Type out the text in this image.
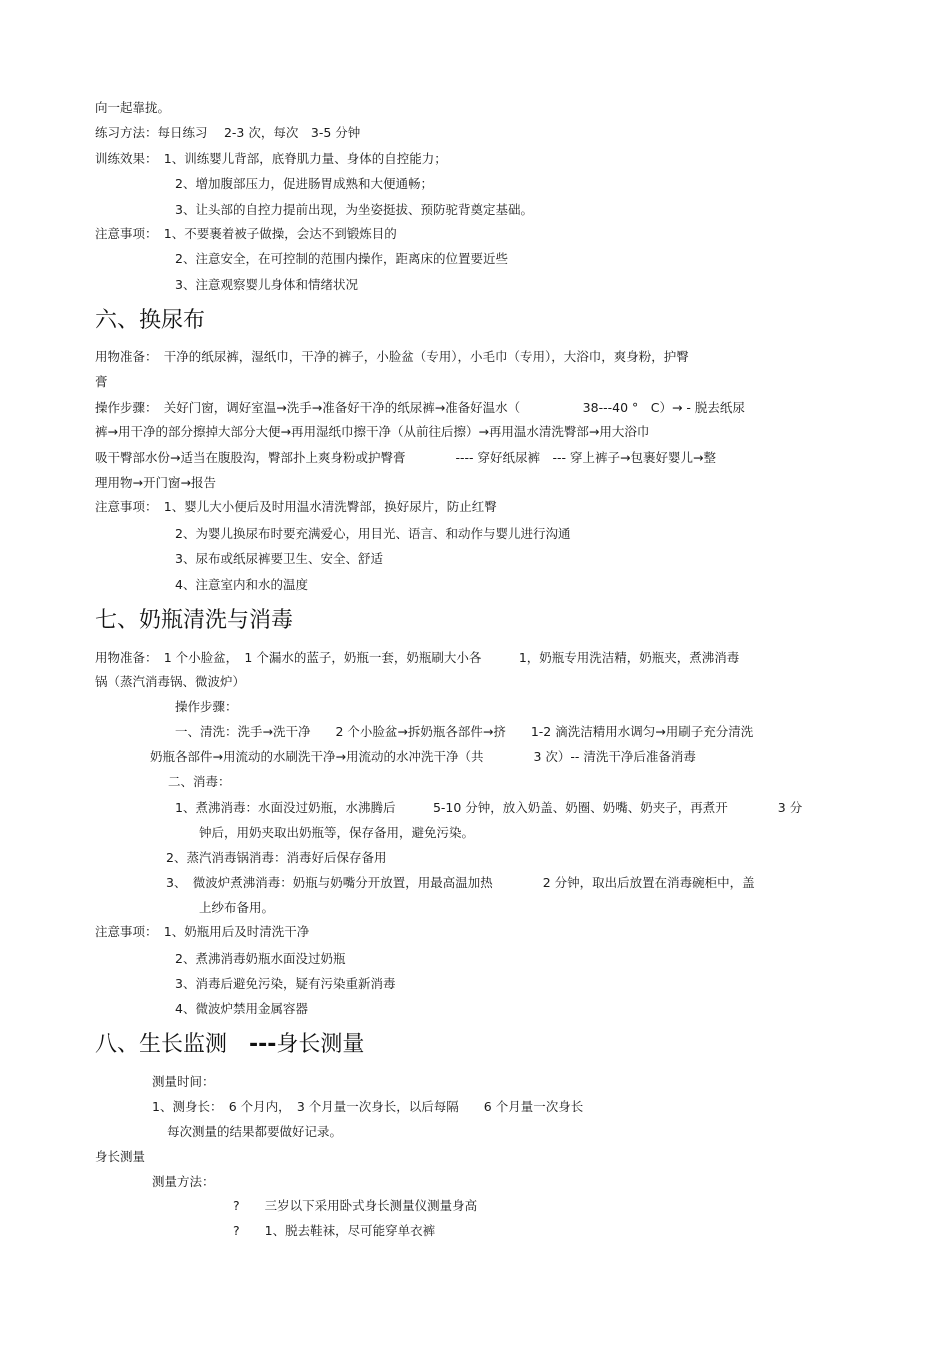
向一起靠拢。
练习方法：每日练习　 2-3 次，每次　3-5 分钟
训练效果：　1、训练婴儿背部，底脊肌力量、身体的自控能力；
2、增加腹部压力，促进肠胃成熟和大便通畅；
3、让头部的自控力提前出现，为坐姿挺拔、预防驼背奠定基础。
注意事项：　1、不要裹着被子做操，会达不到锻炼目的
2、注意安全，在可控制的范围内操作，距离床的位置要近些
3、注意观察婴儿身体和情绪状况
六、换尿布
用物准备：　干净的纸尿裤，湿纸巾，干净的裤子，小脸盆（专用），小毛巾（专用），大浴巾，爽身粉，护臀
膏
操作步骤：　关好门窗，调好室温→洗手→准备好干净的纸尿裤→准备好温水（　　　　　38---40 °　C）→ - 脱去纸尿
裤→用干净的部分擦掉大部分大便→再用湿纸巾擦干净（从前往后擦）→再用温水清洗臀部→用大浴巾
吸干臀部水份→适当在腹股沟，臀部扑上爽身粉或护臀膏　　　　---- 穿好纸尿裤　--- 穿上裤子→包裹好婴儿→整
理用物→开门窗→报告
注意事项：　1、婴儿大小便后及时用温水清洗臀部，换好尿片，防止红臀
2、为婴儿换尿布时要充满爱心，用目光、语言、和动作与婴儿进行沟通
3、尿布或纸尿裤要卫生、安全、舒适
4、注意室内和水的温度
七、奶瓶清洗与消毒
用物准备：　1 个小脸盆，　1 个漏水的蓝子，奶瓶一套，奶瓶刷大小各　　　1，奶瓶专用洗洁精，奶瓶夹，煮沸消毒
锅（蒸汽消毒锅、微波炉）
操作步骤：
一、清洗：洗手→洗干净　　2 个小脸盆→拆奶瓶各部件→挤　　1-2 滴洗洁精用水调匀→用刷子充分清洗
奶瓶各部件→用流动的水刷洗干净→用流动的水冲洗干净（共　　　　3 次）-- 清洗干净后准备消毒
二、消毒：
1、煮沸消毒：水面没过奶瓶，水沸腾后　　　5-10 分钟，放入奶盖、奶圈、奶嘴、奶夹子，再煮开　　　　3 分
钟后，用奶夹取出奶瓶等，保存备用，避免污染。
2、蒸汽消毒锅消毒：消毒好后保存备用
3、　微波炉煮沸消毒：奶瓶与奶嘴分开放置，用最高温加热　　　　2 分钟，取出后放置在消毒碗柜中，盖
上纱布备用。
注意事项：　1、奶瓶用后及时清洗干净
2、煮沸消毒奶瓶水面没过奶瓶
3、消毒后避免污染，疑有污染重新消毒
4、微波炉禁用金属容器
八、生长监测　---身长测量
测量时间：
1、测身长：　6 个月内，　3 个月量一次身长，以后每隔　　6 个月量一次身长
每次测量的结果都要做好记录。
身长测量
测量方法：
?　　三岁以下采用卧式身长测量仪测量身高
?　　1、脱去鞋袜，尽可能穿单衣裤
